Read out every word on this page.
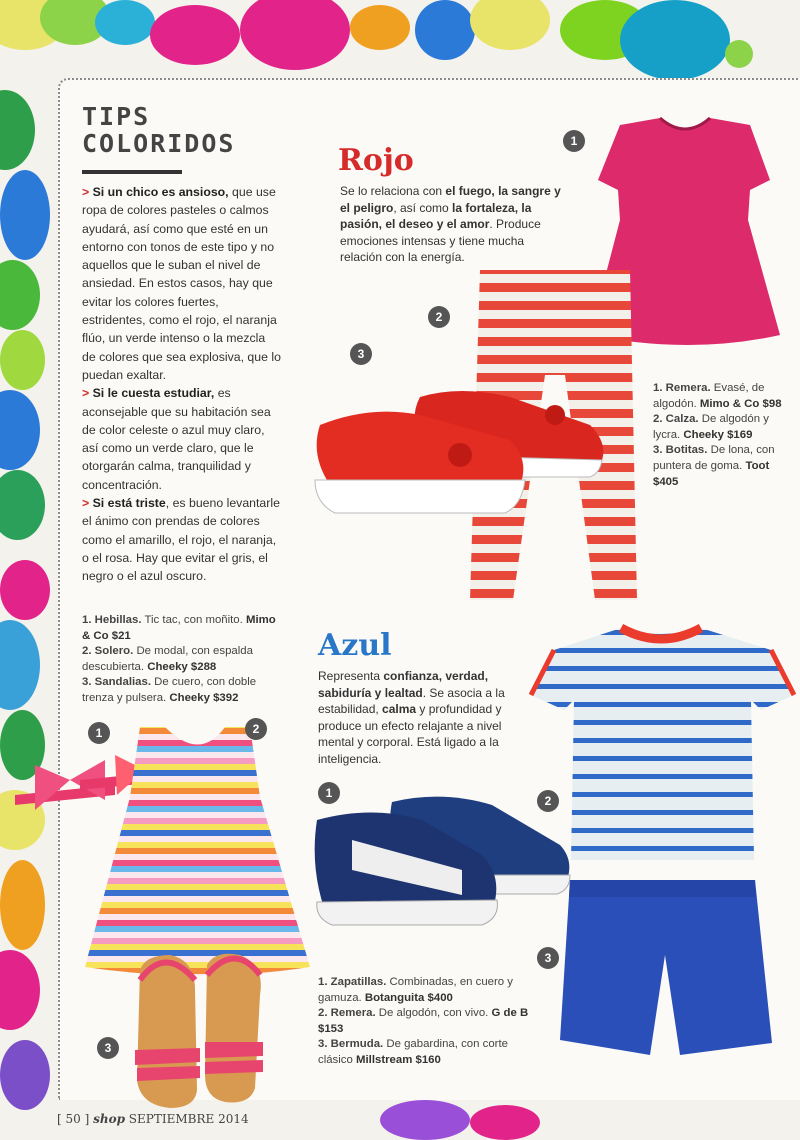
TIPS
COLORIDOS

> Si un chico es ansioso, que use ropa de colores pasteles o calmos ayudará, así como que esté en un entorno con tonos de este tipo y no aquellos que le suban el nivel de ansiedad. En estos casos, hay que evitar los colores fuertes, estridentes, como el rojo, el naranja flúo, un verde intenso o la mezcla de colores que sea explosiva, que lo puedan exaltar.

> Si le cuesta estudiar, es aconsejable que su habitación sea de color celeste o azul muy claro, así como un verde claro, que le otorgarán calma, tranquilidad y concentración.

> Si está triste, es bueno levantarle el ánimo con prendas de colores como el amarillo, el rojo, el naranja, o el rosa. Hay que evitar el gris, el negro o el azul oscuro.

Rojo
Se lo relaciona con el fuego, la sangre y el peligro, así como la fortaleza, la pasión, el deseo y el amor. Produce emociones intensas y tiene mucha relación con la energía.
1
2
3
1. Remera. Evasé, de algodón. Mimo & Co $98
2. Calza. De algodón y lycra. Cheeky $169
3. Botitas. De lona, con puntera de goma. Toot $405
1. Hebillas. Tic tac, con moñito. Mimo & Co $21
2. Solero. De modal, con espalda descubierta. Cheeky $288
3. Sandalias. De cuero, con doble trenza y pulsera. Cheeky $392
1	2
3
Azul
Representa confianza, verdad, sabiduría y lealtad. Se asocia a la estabilidad, calma y profundidad y produce un efecto relajante a nivel mental y corporal. Está ligado a la inteligencia.
2
1
3
1. Zapatillas. Combinadas, en cuero y gamuza. Botanguita $400
2. Remera. De algodón, con vivo. G de B $153
3. Bermuda. De gabardina, con corte clásico Millstream $160
[ 50 ] shop SEPTIEMBRE 2014
